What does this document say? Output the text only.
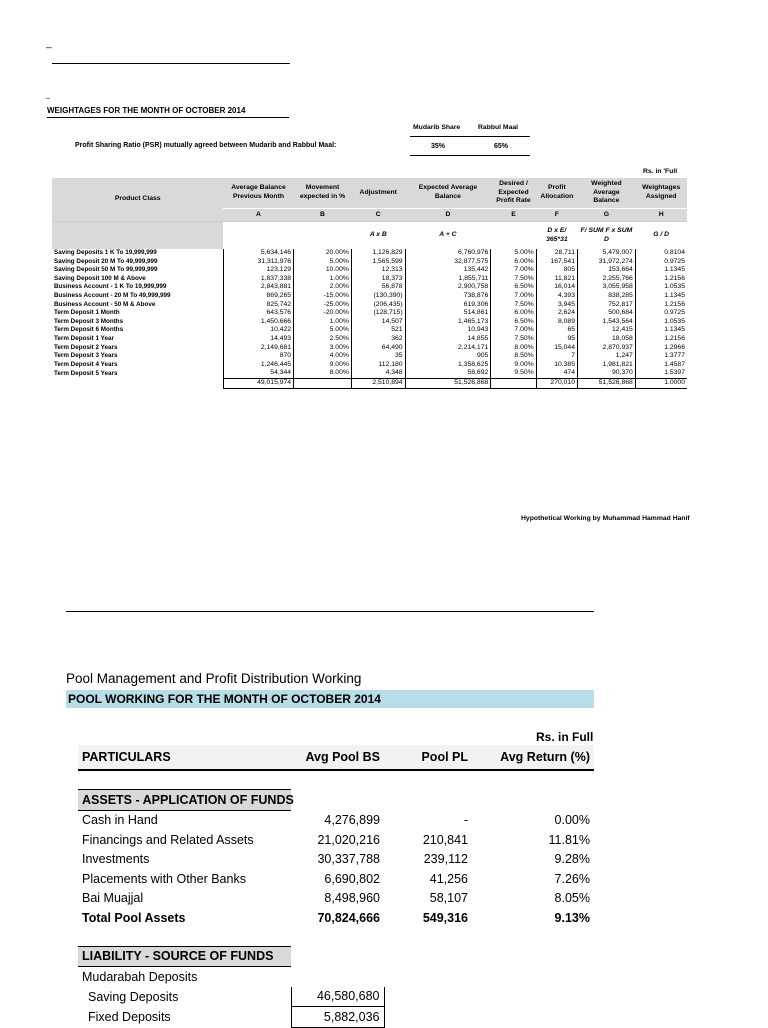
_
_
WEIGHTAGES FOR THE MONTH OF OCTOBER 2014
Mudarib Share	Rabbul Maal
Profit Sharing Ratio (PSR) mutually agreed between Mudarib and Rabbul Maal:	35%	65%
Rs. in 'Full
Product Class	Average Balance Previous Month	Movement expected in %	Adjustment	Expected Average Balance	Desired / Expected Profit Rate	Profit Allocation	Weighted Average Balance	Weightages Assigned
	A	B	C	D	E	F	G	H
			A x B	A + C		D x E/ 365*31	F/ SUM F x SUM D	G / D
Saving Deposits 1 K To 19,999,999	5,634,146	20.00%	1,126,829	6,760,976	5.00%	28,711	5,479,007	0.8104
Saving Deposit 20 M To 49,999,999	31,311,976	5.00%	1,565,599	32,877,575	6.00%	167,541	31,972,274	0.9725
Saving Deposit 50 M To 99,999,999	123,129	10.00%	12,313	135,442	7.00%	805	153,664	1.1345
Saving Deposit 100 M & Above	1,837,338	1.00%	18,373	1,855,711	7.50%	11,821	2,255,766	1.2156
Business Account - 1 K To 19,999,999	2,843,881	2.00%	56,878	2,900,758	6.50%	16,014	3,055,958	1.0535
Business Account - 20 M To 49,999,999	869,265	-15.00%	(130,390)	738,876	7.00%	4,393	838,285	1.1345
Business Account - 50 M & Above	825,742	-25.00%	(206,435)	619,306	7.50%	3,945	752,817	1.2156
Term Deposit 1 Month	643,576	-20.00%	(128,715)	514,861	6.00%	2,624	500,684	0.9725
Term Deposit 3 Months	1,450,666	1.00%	14,507	1,465,173	6.50%	8,089	1,543,564	1.0535
Term Deposit 6 Months	10,422	5.00%	521	10,943	7.00%	65	12,415	1.1345
Term Deposit 1 Year	14,493	2.50%	362	14,855	7.50%	95	18,058	1.2156
Term Deposit 2 Years	2,149,681	3.00%	64,490	2,214,171	8.00%	15,044	2,870,937	1.2966
Term Deposit 3 Years	870	4.00%	35	905	8.50%	7	1,247	1.3777
Term Deposit 4 Years	1,246,445	9.00%	112,180	1,358,625	9.00%	10,385	1,981,821	1.4587
Term Deposit 5 Years	54,344	8.00%	4,348	58,692	9.50%	474	90,370	1.5397
	49,015,974		2,510,894	51,526,868		270,010	51,526,868	1.0000
Hypothetical Working by Muhammad Hammad Hanif
Pool Management and Profit Distribution Working
POOL WORKING FOR THE MONTH OF OCTOBER 2014
Rs. in Full
PARTICULARS	Avg Pool BS	Pool PL	Avg Return (%)

ASSETS - APPLICATION OF FUNDS			
Cash in Hand	4,276,899	-	0.00%
Financings and Related Assets	21,020,216	210,841	11.81%
Investments	30,337,788	239,112	9.28%
Placements with Other Banks	6,690,802	41,256	7.26%
Bai Muajjal	8,498,960	58,107	8.05%
Total Pool Assets	70,824,666	549,316	9.13%

LIABILITY - SOURCE OF FUNDS			
Mudarabah Deposits			
Saving Deposits	46,580,680		
Fixed Deposits	5,882,036		
